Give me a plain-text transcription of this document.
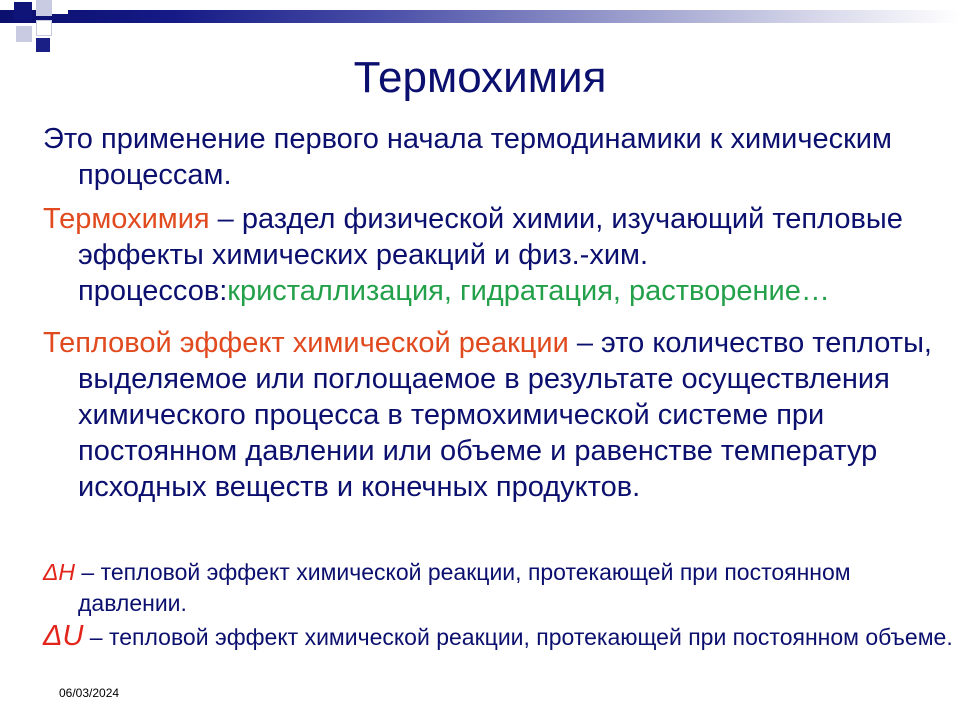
Термохимия
Это применение первого начала термодинамики к химическим процессам.
Термохимия – раздел физической химии, изучающий тепловые эффекты химических реакций и физ.-хим. процессов:кристаллизация, гидратация, растворение…
Тепловой эффект химической реакции – это количество теплоты, выделяемое или поглощаемое в результате осуществления химического процесса в термохимической системе при постоянном давлении или объеме и равенстве температур исходных веществ и конечных продуктов.
ΔH – тепловой эффект химической реакции, протекающей при постоянном давлении.
ΔU – тепловой эффект химической реакции, протекающей при постоянном объеме.
06/03/2024
